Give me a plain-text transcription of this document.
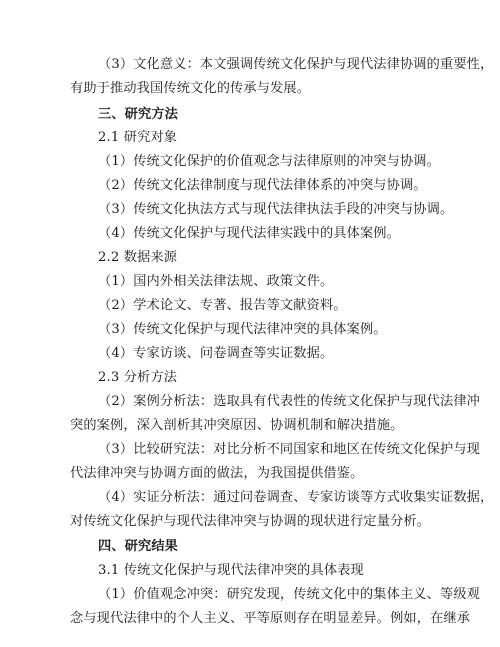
（3）文化意义：本文强调传统文化保护与现代法律协调的重要性，
有助于推动我国传统文化的传承与发展。
三、研究方法
2.1 研究对象
（1）传统文化保护的价值观念与法律原则的冲突与协调。
（2）传统文化法律制度与现代法律体系的冲突与协调。
（3）传统文化执法方式与现代法律执法手段的冲突与协调。
（4）传统文化保护与现代法律实践中的具体案例。
2.2 数据来源
（1）国内外相关法律法规、政策文件。
（2）学术论文、专著、报告等文献资料。
（3）传统文化保护与现代法律冲突的具体案例。
（4）专家访谈、问卷调查等实证数据。
2.3 分析方法
（2）案例分析法：选取具有代表性的传统文化保护与现代法律冲
突的案例，深入剖析其冲突原因、协调机制和解决措施。
（3）比较研究法：对比分析不同国家和地区在传统文化保护与现
代法律冲突与协调方面的做法，为我国提供借鉴。
（4）实证分析法：通过问卷调查、专家访谈等方式收集实证数据，
对传统文化保护与现代法律冲突与协调的现状进行定量分析。
四、研究结果
3.1 传统文化保护与现代法律冲突的具体表现
（1）价值观念冲突：研究发现，传统文化中的集体主义、等级观
念与现代法律中的个人主义、平等原则存在明显差异。例如，在继承
